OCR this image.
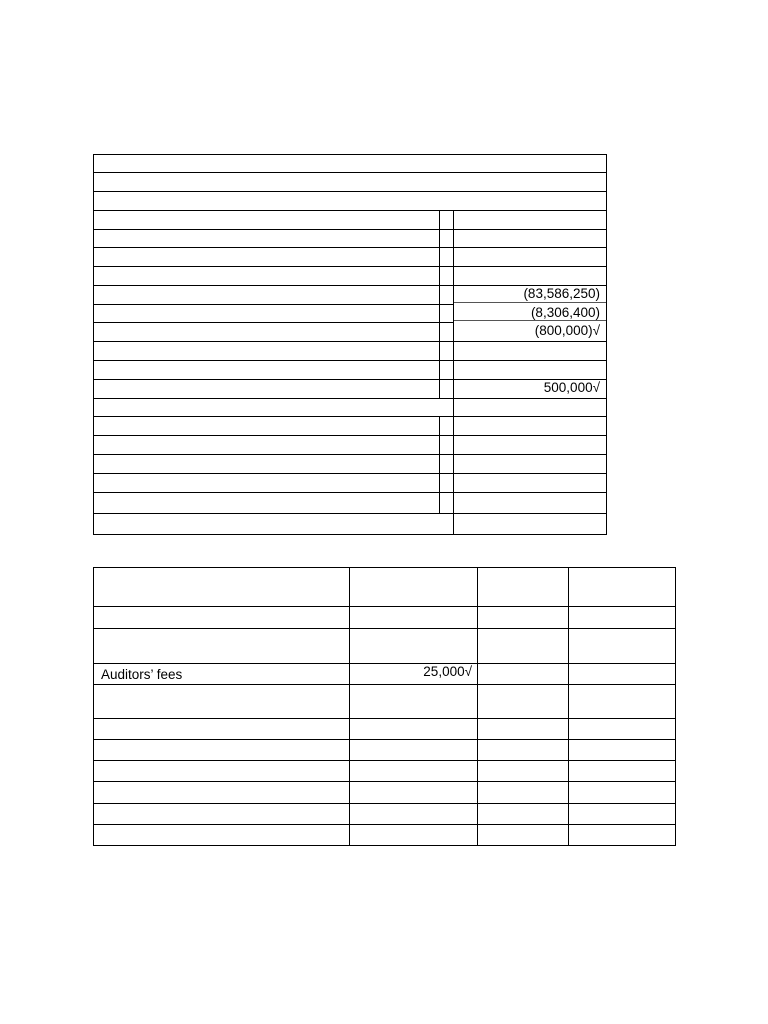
(83,586,250)
(8,306,400)
(800,000)√
500,000√
Auditors’ fees	25,000√
